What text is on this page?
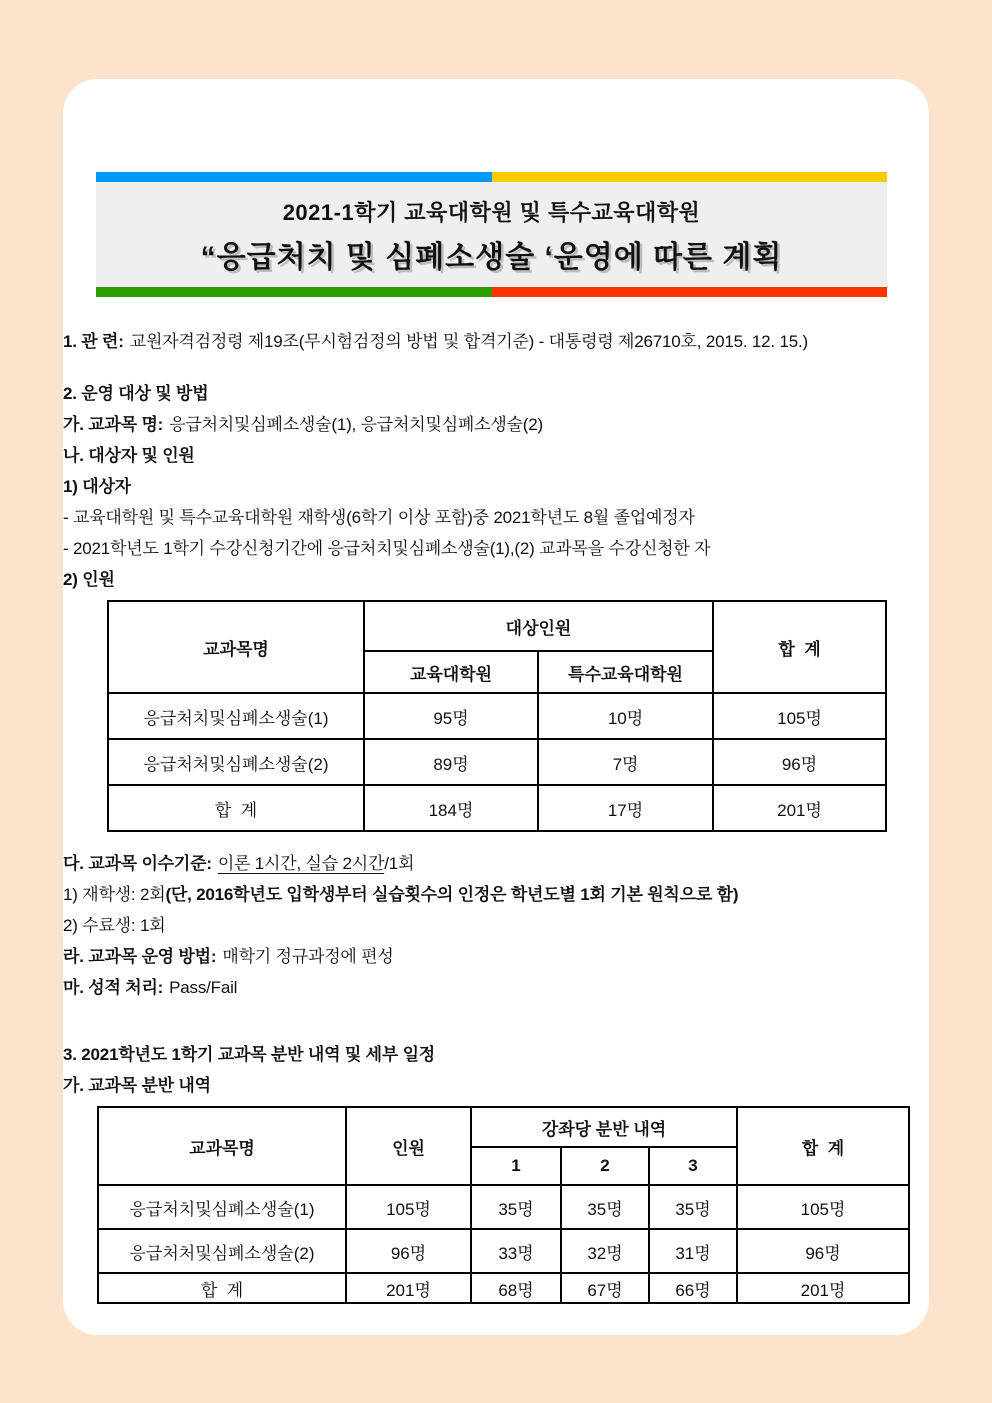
2021-1학기 교육대학원 및 특수교육대학원
“응급처치 및 심폐소생술 ‘운영에 따른 계획

1. 관 련: 교원자격검정령 제19조(무시험검정의 방법 및 합격기준) - 대통령령 제26710호, 2015. 12. 15.)

2. 운영 대상 및 방법

가. 교과목 명: 응급처치및심폐소생술(1), 응급처치및심폐소생술(2)

나. 대상자 및 인원

1) 대상자

- 교육대학원 및 특수교육대학원 재학생(6학기 이상 포함)중 2021학년도 8월 졸업예정자

- 2021학년도 1학기 수강신청기간에 응급처치및심폐소생술(1),(2) 교과목을 수강신청한 자

2) 인원

교과목명	대상인원		합  계
	교육대학원	특수교육대학원	
응급처치및심폐소생술(1)	95명	10명	105명
응급처처및심폐소생술(2)	89명	7명	96명
합  계	184명	17명	201명

다. 교과목 이수기준: 이론 1시간, 실습 2시간/1회

1) 재학생: 2회(단, 2016학년도 입학생부터 실습횟수의 인정은 학년도별 1회 기본 원칙으로 함)

2) 수료생: 1회

라. 교과목 운영 방법: 매학기 정규과정에 편성

마. 성적 처리: Pass/Fail

3. 2021학년도 1학기 교과목 분반 내역 및 세부 일정

가. 교과목 분반 내역

교과목명	인원	강좌당 분반 내역			합  계
		1	2	3	
응급처치및심폐소생술(1)	105명	35명	35명	35명	105명
응급처처및심폐소생술(2)	96명	33명	32명	31명	96명
합  계	201명	68명	67명	66명	201명
